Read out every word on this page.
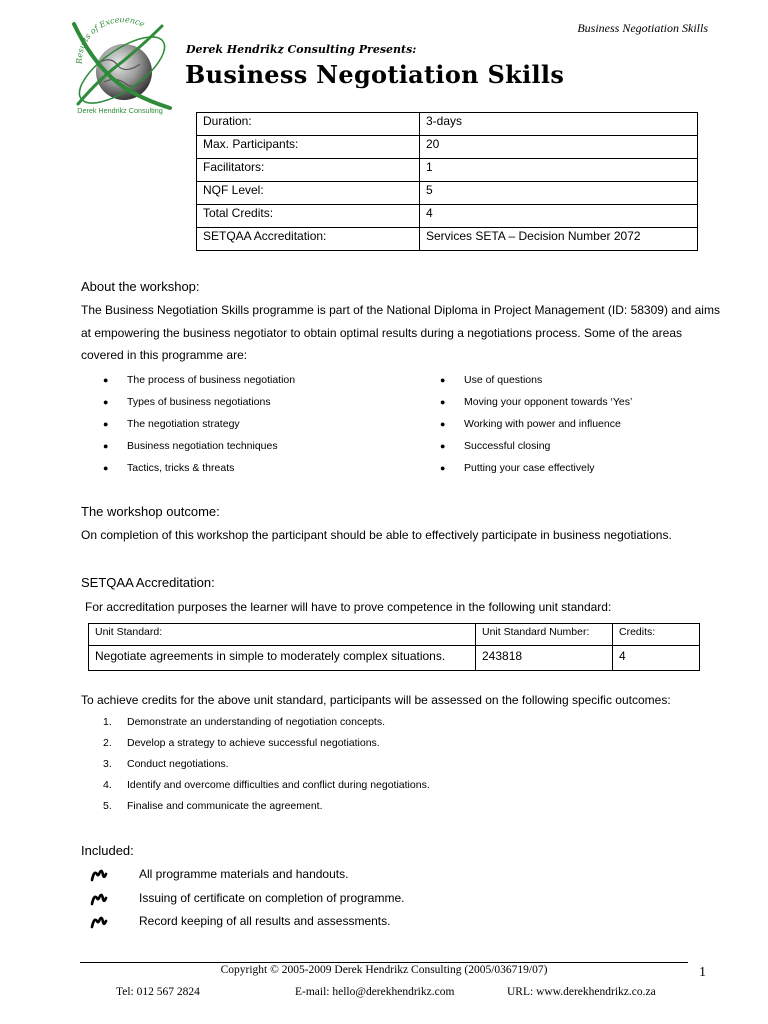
Business Negotiation Skills
Results of Excellence
Derek Hendrikz Consulting
Derek Hendrikz Consulting Presents:
Business Negotiation Skills
Duration:	3-days
Max. Participants:	20
Facilitators:	1
NQF Level:	5
Total Credits:	4
SETQAA Accreditation:	Services SETA – Decision Number 2072
About the workshop:

The Business Negotiation Skills programme is part of the National Diploma in Project Management (ID: 58309) and aims at empowering the business negotiator to obtain optimal results during a negotiations process. Some of the areas covered in this programme are:

● The process of business negotiation
● Types of business negotiations
● The negotiation strategy
● Business negotiation techniques
● Tactics, tricks & threats
● Use of questions
● Moving your opponent towards ‘Yes’
● Working with power and influence
● Successful closing
● Putting your case effectively
The workshop outcome:

On completion of this workshop the participant should be able to effectively participate in business negotiations.

SETQAA Accreditation:

For accreditation purposes the learner will have to prove competence in the following unit standard:

Unit Standard:	Unit Standard Number:	Credits:
Negotiate agreements in simple to moderately complex situations.	243818	4

To achieve credits for the above unit standard, participants will be assessed on the following specific outcomes:

1. Demonstrate an understanding of negotiation concepts.
2. Develop a strategy to achieve successful negotiations.
3. Conduct negotiations.
4. Identify and overcome difficulties and conflict during negotiations.
5. Finalise and communicate the agreement.
Included:
All programme materials and handouts.
Issuing of certificate on completion of programme.
Record keeping of all results and assessments.
Copyright © 2005-2009 Derek Hendrikz Consulting (2005/036719/07)	1
Tel: 012 567 2824	E-mail: hello@derekhendrikz.com	URL: www.derekhendrikz.co.za
